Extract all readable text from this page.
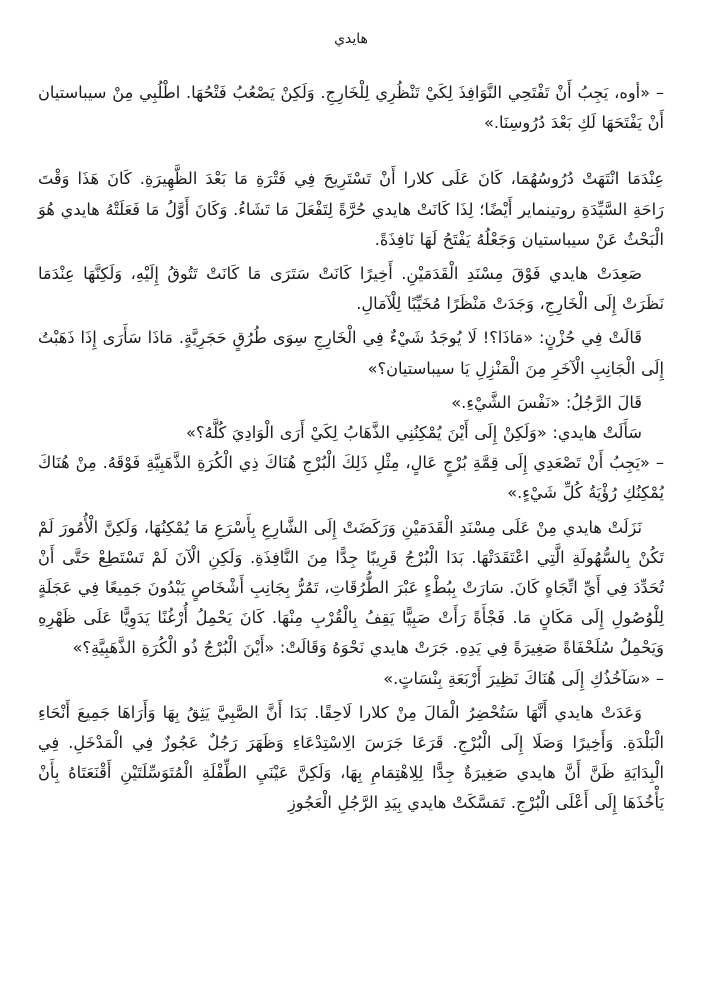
هايدي

– «أوه، يَجِبُ أَنْ تَفْتَحِي النَّوَافِذَ لِكَيْ تَنْظُرِي لِلْخَارِجِ. وَلَكِنْ يَصْعُبُ فَتْحُهَا. اطْلُبِي مِنْ سيباستيان أَنْ يَفْتَحَهَا لَكِ بَعْدَ دُرُوسِنَا.»

عِنْدَمَا انْتَهَتْ دُرُوسُهُمَا، كَانَ عَلَى كلارا أَنْ تَسْتَرِيحَ فِي فَتْرَةِ مَا بَعْدَ الظَّهِيرَةِ. كَانَ هَذَا وَقْتَ رَاحَةِ السَّيِّدَةِ روتينماير أَيْضًا؛ لِذَا كَانَتْ هايدي حُرَّةً لِتَفْعَلَ مَا تَشَاءُ. وَكَانَ أَوَّلُ مَا فَعَلَتْهُ هايدي هُوَ الْبَحْثُ عَنْ سيباستيان وَجَعْلُهُ يَفْتَحُ لَهَا نَافِذَةً.

صَعِدَتْ هايدي فَوْقَ مِسْنَدِ الْقَدَمَيْنِ. أَخِيرًا كَانَتْ سَتَرَى مَا كَانَتْ تَتُوقُ إِلَيْهِ، وَلَكِنَّهَا عِنْدَمَا نَظَرَتْ إِلَى الْخَارِجِ، وَجَدَتْ مَنْظَرًا مُخَيِّبًا لِلْآمَالِ.

قَالَتْ فِي حُزْنٍ: «مَاذَا؟! لَا يُوجَدُ شَيْءٌ فِي الْخَارِجِ سِوَى طُرُقٍ حَجَرِيَّةٍ. مَاذَا سَأَرَى إِذَا ذَهَبْتُ إِلَى الْجَانِبِ الْآخَرِ مِنَ الْمَنْزِلِ يَا سيباستيان؟»

قَالَ الرَّجُلُ: «نَفْسَ الشَّيْءِ.»

سَأَلَتْ هايدي: «وَلَكِنْ إِلَى أَيْنَ يُمْكِنُنِي الذَّهَابُ لِكَيْ أَرَى الْوَادِيَ كُلَّهُ؟»

– «يَجِبُ أَنْ تَصْعَدِي إِلَى قِمَّةِ بُرْجٍ عَالٍ، مِثْلِ ذَلِكَ الْبُرْجِ هُنَاكَ ذِي الْكُرَةِ الذَّهَبِيَّةِ فَوْقَهُ. مِنْ هُنَاكَ يُمْكِنُكِ رُؤْيَةُ كُلِّ شَيْءٍ.»

نَزَلَتْ هايدي مِنْ عَلَى مِسْنَدِ الْقَدَمَيْنِ وَرَكَضَتْ إِلَى الشَّارِعِ بِأَسْرَعِ مَا يُمْكِنُهَا، وَلَكِنَّ الْأُمُورَ لَمْ تَكُنْ بِالسُّهُولَةِ الَّتِي اعْتَقَدَتْهَا. بَدَا الْبُرْجُ قَرِيبًا جِدًّا مِنَ النَّافِذَةِ. وَلَكِنِ الْآنَ لَمْ تَسْتَطِعْ حَتَّى أَنْ تُحَدِّدَ فِي أَيِّ اتِّجَاهٍ كَانَ. سَارَتْ بِبُطْءٍ عَبْرَ الطُّرُقَاتِ، تَمُرُّ بِجَانِبِ أَشْخَاصٍ يَبْدُونَ جَمِيعًا فِي عَجَلَةٍ لِلْوُصُولِ إِلَى مَكَانٍ مَا. فَجْأَةً رَأَتْ صَبِيًّا يَقِفُ بِالْقُرْبِ مِنْهَا. كَانَ يَحْمِلُ أُرْغُنًا يَدَوِيًّا عَلَى ظَهْرِهِ وَيَحْمِلُ سُلَحْفَاةً صَغِيرَةً فِي يَدِهِ. جَرَتْ هايدي نَحْوَهُ وَقَالَتْ: «أَيْنَ الْبُرْجُ ذُو الْكُرَةِ الذَّهَبِيَّةِ؟»

– «سَآخُذُكِ إِلَى هُنَاكَ نَظِيرَ أَرْبَعَةِ بِنْسَاتٍ.»

وَعَدَتْ هايدي أَنَّهَا سَتُحْضِرُ الْمَالَ مِنْ كلارا لَاحِقًا. بَدَا أَنَّ الصَّبِيَّ يَثِقُ بِهَا وَأَرَاهَا جَمِيعَ أَنْحَاءِ الْبَلْدَةِ. وَأَخِيرًا وَصَلَا إِلَى الْبُرْجِ. قَرَعَا جَرَسَ الِاسْتِدْعَاءِ وَظَهَرَ رَجُلٌ عَجُوزٌ فِي الْمَدْخَلِ. فِي الْبِدَايَةِ ظَنَّ أَنَّ هايدي صَغِيرَةٌ جِدًّا لِلِاهْتِمَامِ بِهَا، وَلَكِنَّ عَيْنَيِ الطِّفْلَةِ الْمُتَوَسِّلَتَيْنِ أَقْنَعَتَاهُ بِأَنْ يَأْخُذَهَا إِلَى أَعْلَى الْبُرْجِ. تَمَسَّكَتْ هايدي بِيَدِ الرَّجُلِ الْعَجُوزِ
